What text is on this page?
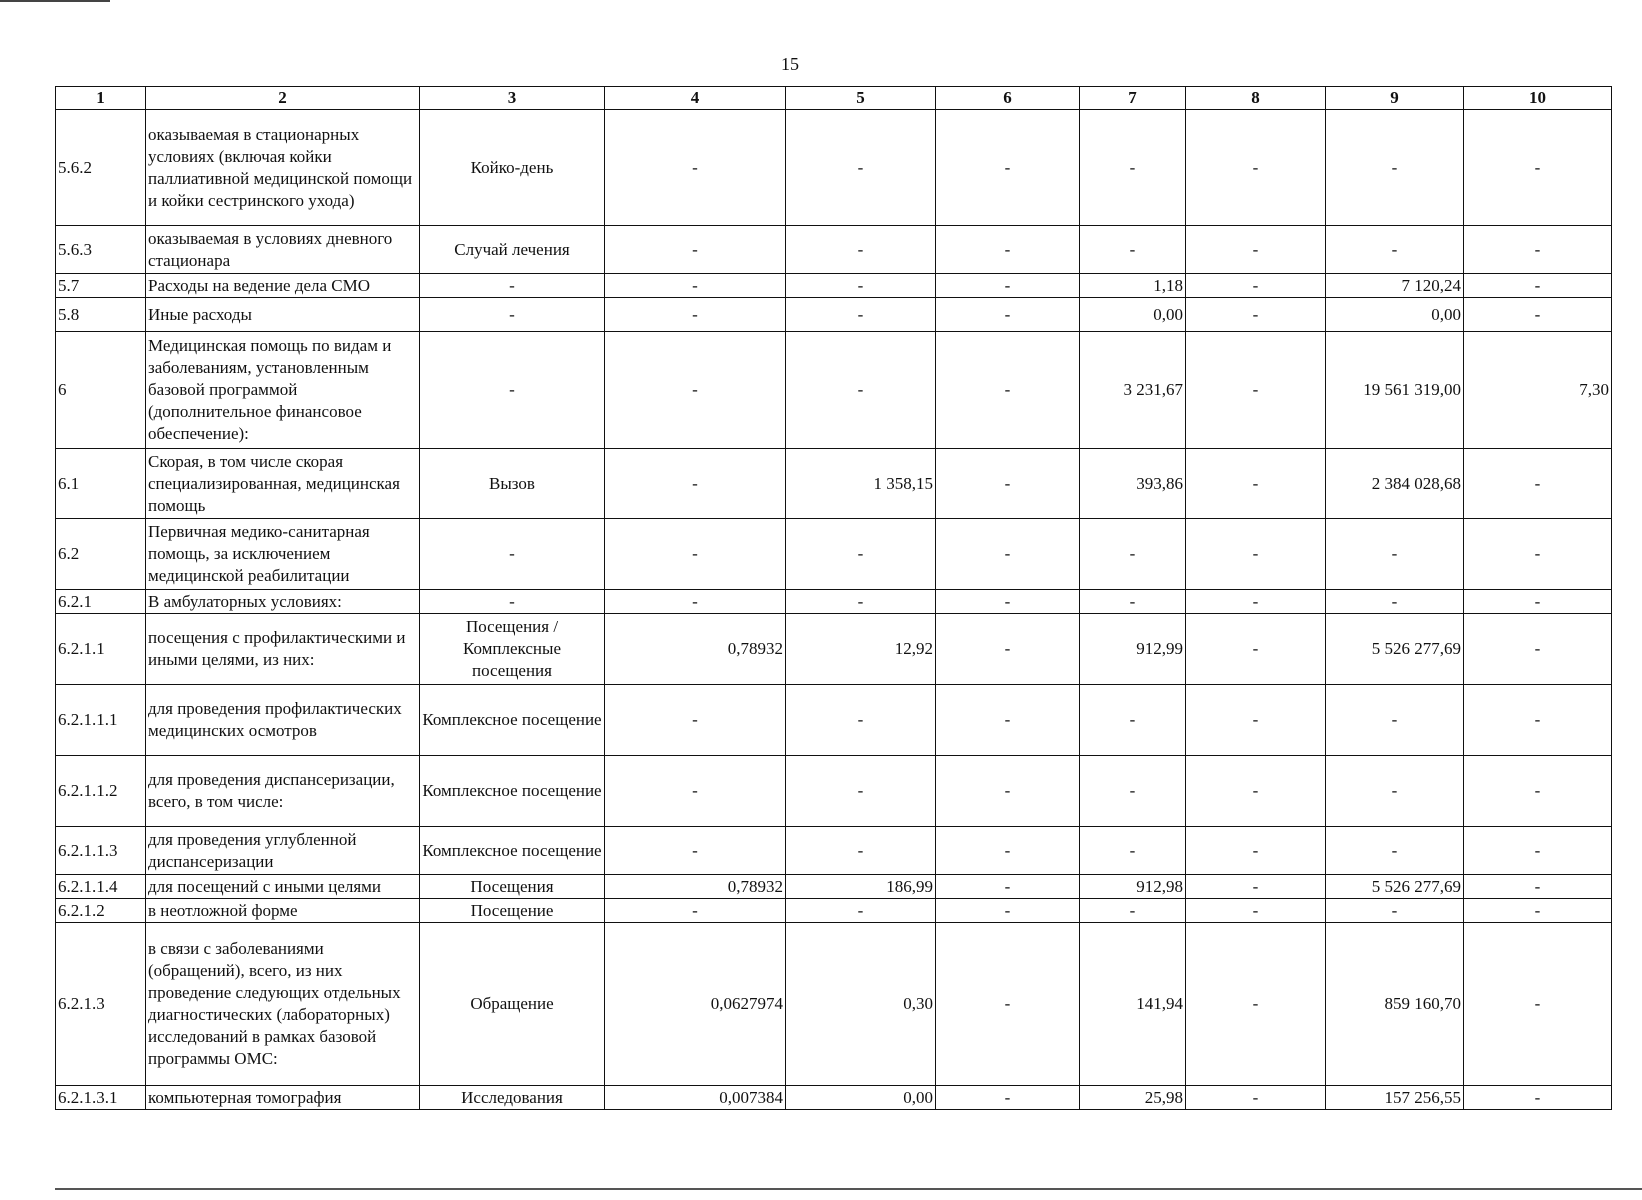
15
1	2	3	4	5	6	7	8	9	10
5.6.2	оказываемая в стационарных условиях (включая койки паллиативной медицинской помощи и койки сестринского ухода)	Койко-день	-	-	-	-	-	-	-
5.6.3	оказываемая в условиях дневного стационара	Случай лечения	-	-	-	-	-	-	-
5.7	Расходы на ведение дела СМО	-	-	-	-	1,18	-	7 120,24	-
5.8	Иные расходы	-	-	-	-	0,00	-	0,00	-
6	Медицинская помощь по видам и заболеваниям, установленным базовой программой (дополнительное финансовое обеспечение):	-	-	-	-	3 231,67	-	19 561 319,00	7,30
6.1	Скорая, в том числе скорая специализированная, медицинская помощь	Вызов	-	1 358,15	-	393,86	-	2 384 028,68	-
6.2	Первичная медико-санитарная помощь, за исключением медицинской реабилитации	-	-	-	-	-	-	-	-
6.2.1	В амбулаторных условиях:	-	-	-	-	-	-	-	-
6.2.1.1	посещения с профилактическими и иными целями, из них:	Посещения / Комплексные посещения	0,78932	12,92	-	912,99	-	5 526 277,69	-
6.2.1.1.1	для проведения профилактических медицинских осмотров	Комплексное посещение	-	-	-	-	-	-	-
6.2.1.1.2	для проведения диспансеризации, всего, в том числе:	Комплексное посещение	-	-	-	-	-	-	-
6.2.1.1.3	для проведения углубленной диспансеризации	Комплексное посещение	-	-	-	-	-	-	-
6.2.1.1.4	для посещений с иными целями	Посещения	0,78932	186,99	-	912,98	-	5 526 277,69	-
6.2.1.2	в неотложной форме	Посещение	-	-	-	-	-	-	-
6.2.1.3	в связи с заболеваниями (обращений), всего, из них проведение следующих отдельных диагностических (лабораторных) исследований в рамках базовой программы ОМС:	Обращение	0,0627974	0,30	-	141,94	-	859 160,70	-
6.2.1.3.1	компьютерная томография	Исследования	0,007384	0,00	-	25,98	-	157 256,55	-
